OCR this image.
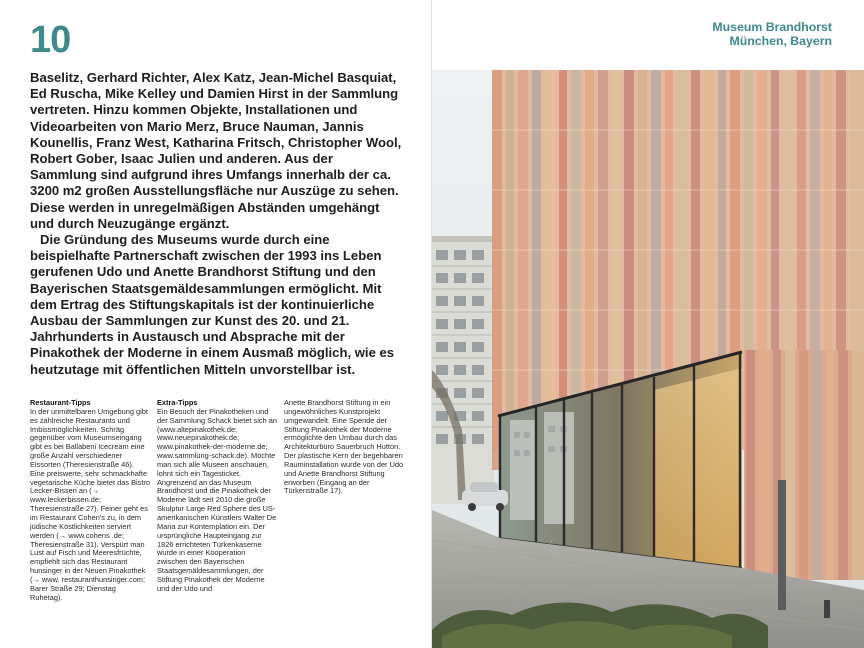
10

Baselitz, Gerhard Richter, Alex Katz, Jean-Michel Basquiat, Ed Ruscha, Mike Kelley und Damien Hirst in der Sammlung vertreten. Hinzu kommen Objekte, Installationen und Videoarbeiten von Mario Merz, Bruce Nauman, Jannis Kounellis, Franz West, Katharina Fritsch, Christopher Wool, Robert Gober, Isaac Julien und anderen. Aus der Sammlung sind aufgrund ihres Umfangs innerhalb der ca. 3200 m2 großen Ausstellungsfläche nur Auszüge zu sehen. Diese werden in unregelmäßigen Abständen umgehängt und durch Neuzugänge ergänzt.

Die Gründung des Museums wurde durch eine beispielhafte Partnerschaft zwischen der 1993 ins Leben gerufenen Udo und Anette Brandhorst Stiftung und den Bayerischen Staatsgemäldesammlungen ermöglicht. Mit dem Ertrag des Stiftungskapitals ist der kontinuierliche Ausbau der Sammlungen zur Kunst des 20. und 21. Jahrhunderts in Austausch und Absprache mit der Pinakothek der Moderne in einem Ausmaß möglich, wie es heutzutage mit öffentlichen Mitteln unvorstellbar ist.

Restaurant-Tipps

In der unmittelbaren Umgebung gibt es zahlreiche Restaurants und Imbissmöglichkeiten. Schräg gegenüber vom Museumseingang gibt es bei Ballabeni Icecream eine große Anzahl verschiedener Eissorten (Theresienstraße 46). Eine preiswerte, sehr schmackhafte vegetarische Küche bietet das Bistro Lecker-Bissen an (→ www.leckerbissen.de; Theresienstraße 27). Feiner geht es im Restaurant Cohen's zu, in dem jüdische Köstlichkeiten serviert werden (→ www.cohens .de; Theresienstraße 31). Verspürt man Lust auf Fisch und Meeresfrüchte, empfiehlt sich das Restaurant hunsinger in der Neuen Pinakothek (→ www. restauranthunsinger.com; Barer Straße 29; Dienstag Ruhetag).

Extra-Tipps

Ein Besuch der Pinakotheken und der Sammlung Schack bietet sich an (www.altepinakothek.de; www.neuepinakothek.de; www.pinakothek-der-moderne.de; www.sammlung-schack.de). Möchte man sich alle Museen anschauen, lohnt sich ein Tagesticket. Angrenzend an das Museum Brandhorst und die Pinakothek der Moderne lädt seit 2010 die große Skulptur Large Red Sphere des US-amerikanischen Künstlers Walter De Maria zur Kontemplation ein. Der ursprüngliche Haupteingang zur 1826 errichteten Türkenkaserne wurde in einer Kooperation zwischen den Bayerischen Staatsgemäldesammlungen, der Stiftung Pinakothek der Moderne und der Udo und

Anette Brandhorst Stiftung in ein ungewöhnliches Kunstprojekt umgewandelt. Eine Spende der Stiftung Pinakothek der Moderne ermöglichte den Umbau durch das Architekturbüro Sauerbruch Hutton. Der plastische Kern der begehbaren Rauminstallation wurde von der Udo und Anette Brandhorst Stiftung erworben (Eingang an der Türkenstraße 17).

Museum Brandhorst
München, Bayern
